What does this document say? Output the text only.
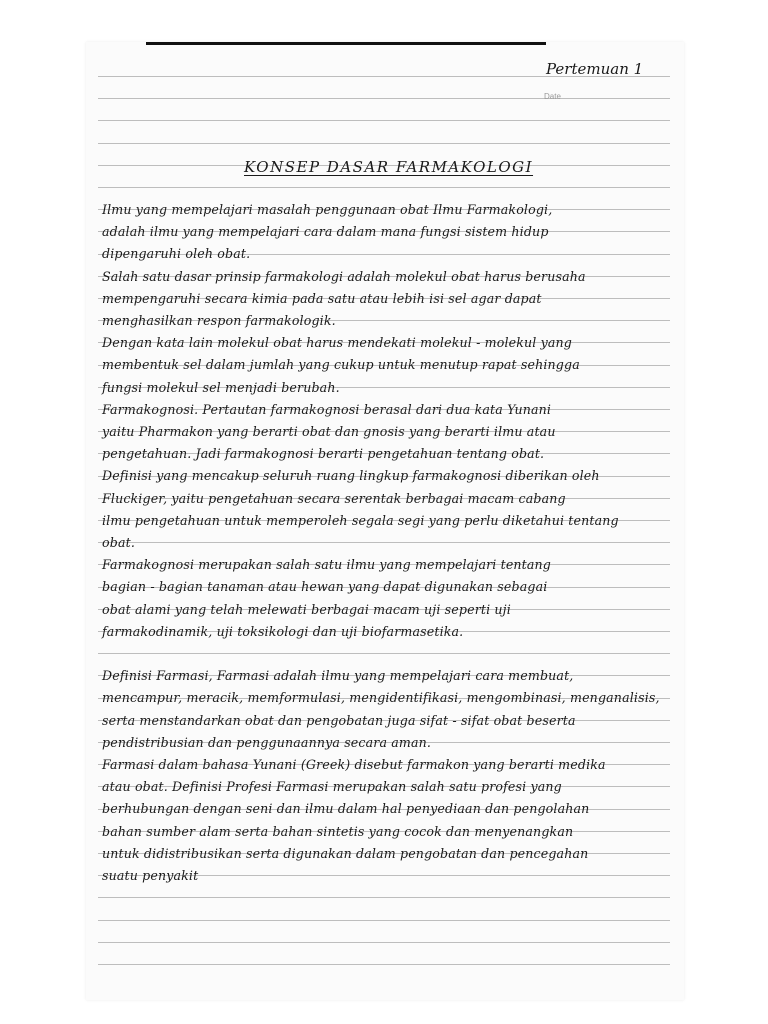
Pertemuan 1
Date
KONSEP DASAR FARMAKOLOGI
Ilmu yang mempelajari masalah penggunaan obat Ilmu Farmakologi,
adalah ilmu yang mempelajari cara dalam mana fungsi sistem hidup
dipengaruhi oleh obat.
Salah satu dasar prinsip farmakologi adalah molekul obat harus berusaha
mempengaruhi secara kimia pada satu atau lebih isi sel agar dapat
menghasilkan respon farmakologik.
Dengan kata lain molekul obat harus mendekati molekul - molekul yang
membentuk sel dalam jumlah yang cukup untuk menutup rapat sehingga
fungsi molekul sel menjadi berubah.
Farmakognosi. Pertautan farmakognosi berasal dari dua kata Yunani
yaitu Pharmakon yang berarti obat dan gnosis yang berarti ilmu atau
pengetahuan. Jadi farmakognosi berarti pengetahuan tentang obat.
Definisi yang mencakup seluruh ruang lingkup farmakognosi diberikan oleh
Fluckiger, yaitu pengetahuan secara serentak berbagai macam cabang
ilmu pengetahuan untuk memperoleh segala segi yang perlu diketahui tentang
obat.
Farmakognosi merupakan salah satu ilmu yang mempelajari tentang
bagian - bagian tanaman atau hewan yang dapat digunakan sebagai
obat alami yang telah melewati berbagai macam uji seperti uji
farmakodinamik, uji toksikologi dan uji biofarmasetika.
Definisi Farmasi, Farmasi adalah ilmu yang mempelajari cara membuat,
mencampur, meracik, memformulasi, mengidentifikasi, mengombinasi, menganalisis,
serta menstandarkan obat dan pengobatan juga sifat - sifat obat beserta
pendistribusian dan penggunaannya secara aman.
Farmasi dalam bahasa Yunani (Greek) disebut farmakon yang berarti medika
atau obat. Definisi Profesi Farmasi merupakan salah satu profesi yang
berhubungan dengan seni dan ilmu dalam hal penyediaan dan pengolahan
bahan sumber alam serta bahan sintetis yang cocok dan menyenangkan
untuk didistribusikan serta digunakan dalam pengobatan dan pencegahan
suatu penyakit
